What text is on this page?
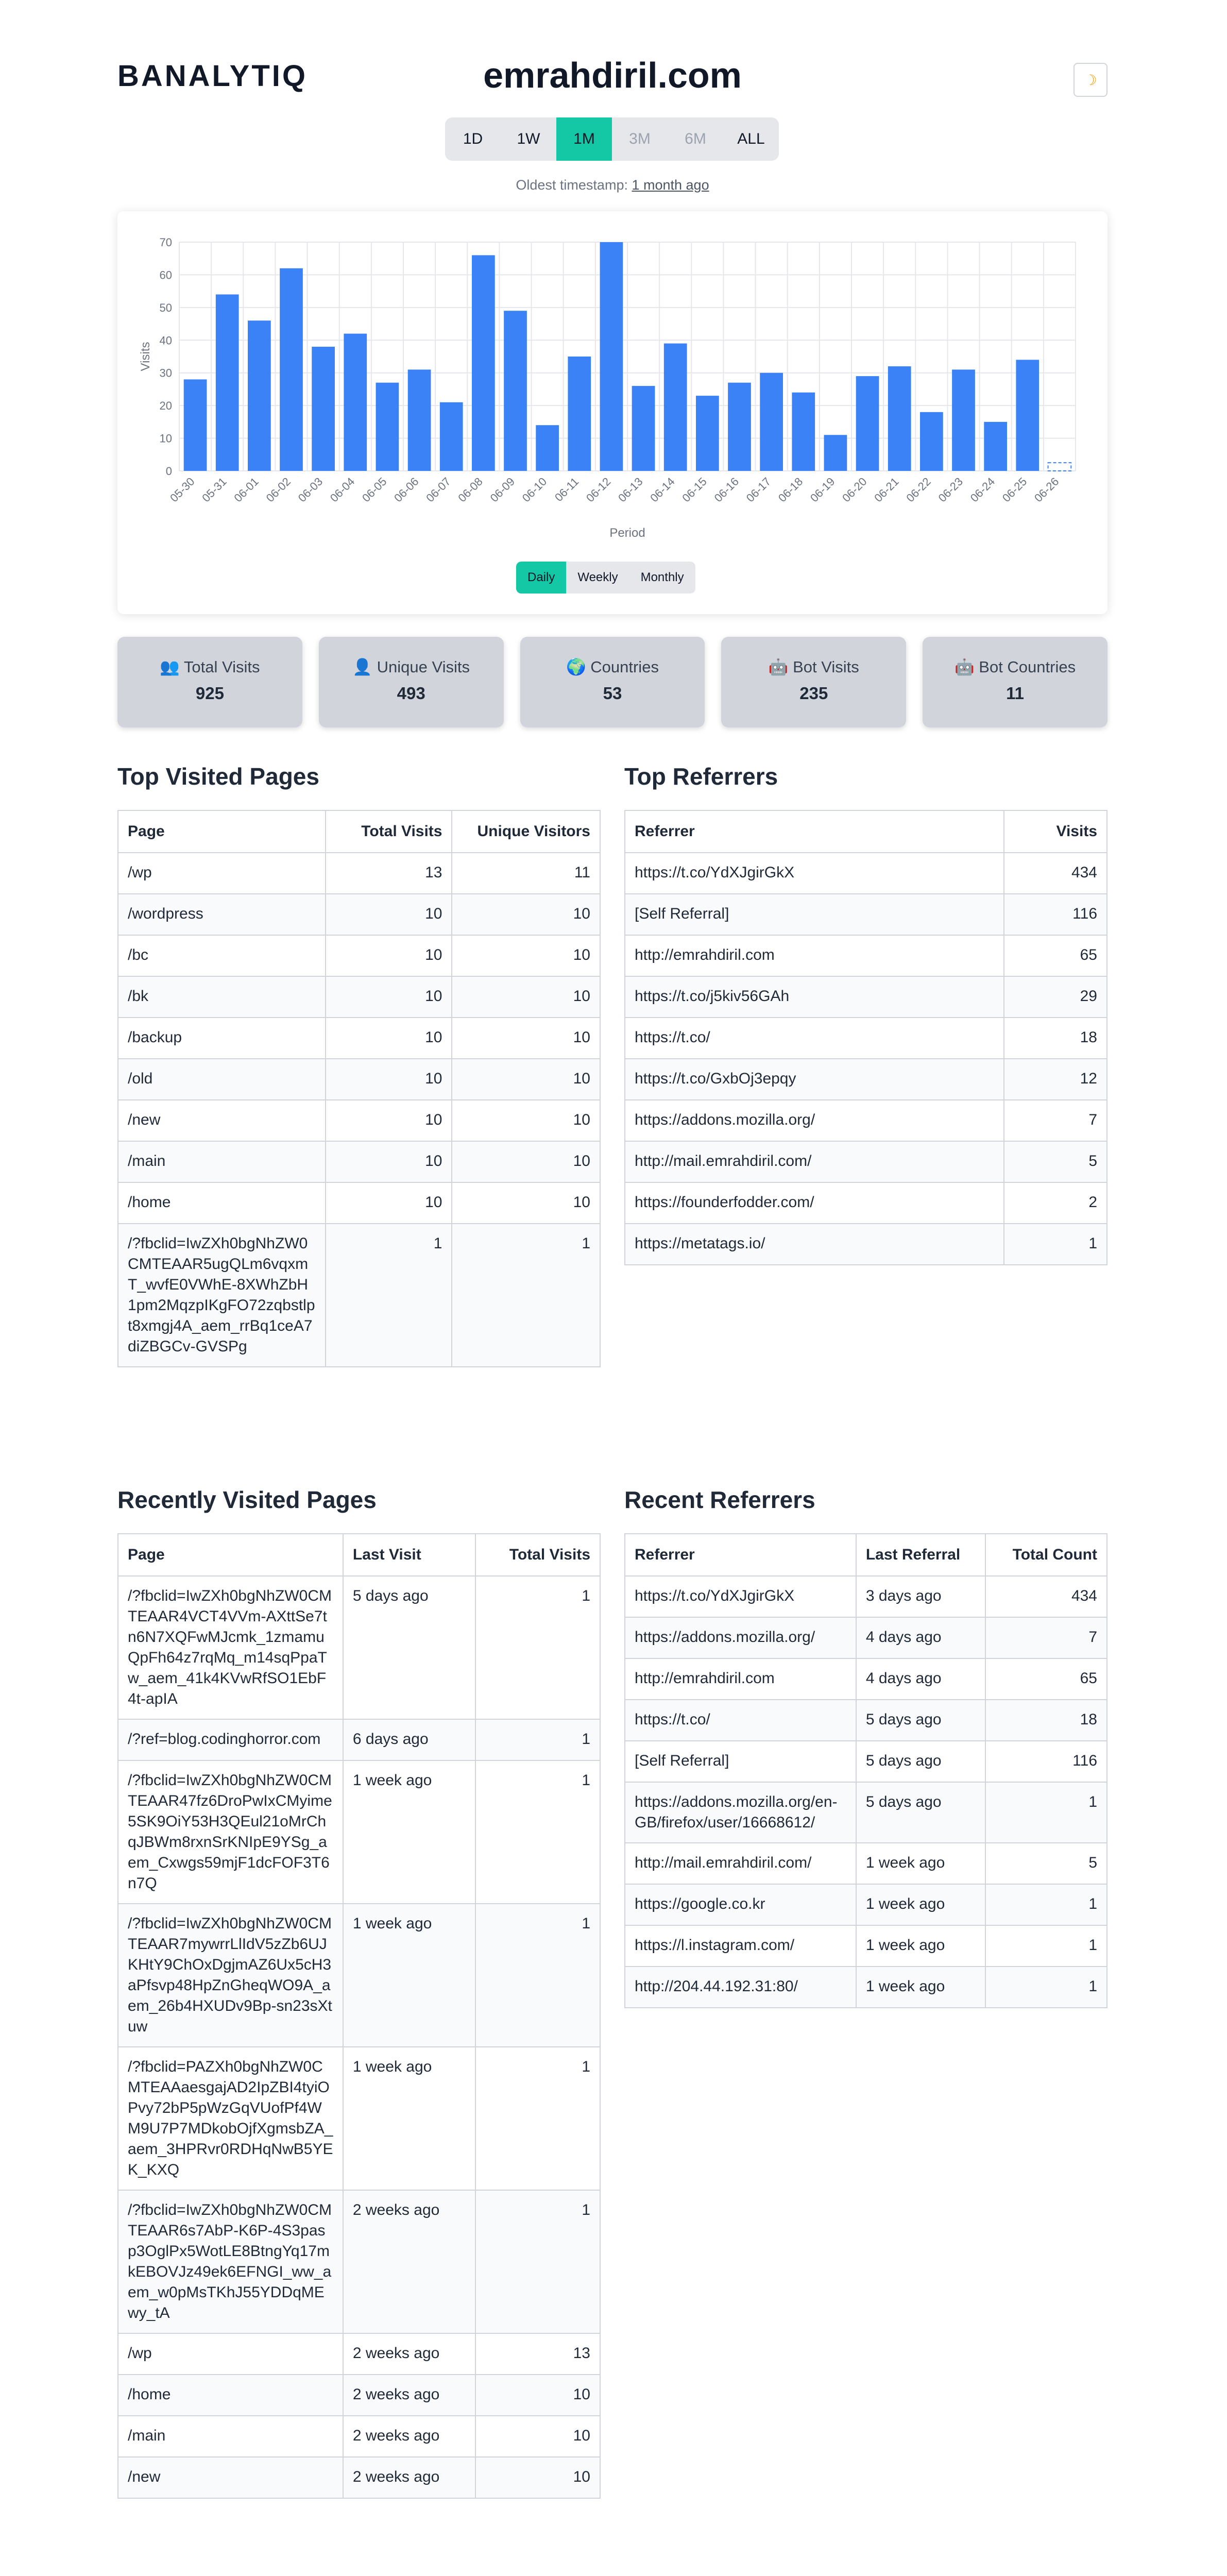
BANALYTIQ	emrahdiril.com	☽
1D	1W	1M	3M	6M	ALL
Oldest timestamp: 1 month ago
0
10
20
30
40
50
60
70
05-30 05-31 06-01 06-02 06-03 06-04 06-05 06-06 06-07 06-08 06-09 06-10 06-11 06-12 06-13 06-14 06-15 06-16 06-17 06-18 06-19 06-20 06-21 06-22 06-23 06-24 06-25 06-26
Period
Visits
Daily	Weekly	Monthly
👥 Total Visits
925
👤 Unique Visits
493
🌍 Countries
53
🤖 Bot Visits
235
🤖 Bot Countries
11
Top Visited Pages
Page	Total Visits	Unique Visitors
/wp	13	11
/wordpress	10	10
/bc	10	10
/bk	10	10
/backup	10	10
/old	10	10
/new	10	10
/main	10	10
/home	10	10
/?fbclid=IwZXh0bgNhZW0CMTEAAR5ugQLm6vqxmT_wvfE0VWhE-8XWhZbH1pm2MqzpIKgFO72zqbstlpt8xmgj4A_aem_rrBq1ceA7diZBGCv-GVSPg	1	1
Top Referrers
Referrer	Visits
https://t.co/YdXJgirGkX	434
[Self Referral]	116
http://emrahdiril.com	65
https://t.co/j5kiv56GAh	29
https://t.co/	18
https://t.co/GxbOj3epqy	12
https://addons.mozilla.org/	7
http://mail.emrahdiril.com/	5
https://founderfodder.com/	2
https://metatags.io/	1
Recently Visited Pages
Page	Last Visit	Total Visits
/?fbclid=IwZXh0bgNhZW0CMTEAAR4VCT4VVm-AXttSe7tn6N7XQFwMJcmk_1zmamuQpFh64z7rqMq_m14sqPpaTw_aem_41k4KVwRfSO1EbF4t-apIA	5 days ago	1
/?ref=blog.codinghorror.com	6 days ago	1
/?fbclid=IwZXh0bgNhZW0CMTEAAR47fz6DroPwIxCMyime5SK9OiY53H3QEul21oMrChqJBWm8rxnSrKNIpE9YSg_aem_Cxwgs59mjF1dcFOF3T6n7Q	1 week ago	1
/?fbclid=IwZXh0bgNhZW0CMTEAAR7mywrrLlIdV5zZb6UJKHtY9ChOxDgjmAZ6Ux5cH3aPfsvp48HpZnGheqWO9A_aem_26b4HXUDv9Bp-sn23sXtuw	1 week ago	1
/?fbclid=PAZXh0bgNhZW0CMTEAAaesgajAD2IpZBI4tyiOPvy72bP5pWzGqVUofPf4WM9U7P7MDkobOjfXgmsbZA_aem_3HPRvr0RDHqNwB5YEK_KXQ	1 week ago	1
/?fbclid=IwZXh0bgNhZW0CMTEAAR6s7AbP-K6P-4S3pasp3OglPx5WotLE8BtngYq17mkEBOVJz49ek6EFNGI_ww_aem_w0pMsTKhJ55YDDqMEwy_tA	2 weeks ago	1
/wp	2 weeks ago	13
/home	2 weeks ago	10
/main	2 weeks ago	10
/new	2 weeks ago	10
Recent Referrers
Referrer	Last Referral	Total Count
https://t.co/YdXJgirGkX	3 days ago	434
https://addons.mozilla.org/	4 days ago	7
http://emrahdiril.com	4 days ago	65
https://t.co/	5 days ago	18
[Self Referral]	5 days ago	116
https://addons.mozilla.org/en-GB/firefox/user/16668612/	5 days ago	1
http://mail.emrahdiril.com/	1 week ago	5
https://google.co.kr	1 week ago	1
https://l.instagram.com/	1 week ago	1
http://204.44.192.31:80/	1 week ago	1
